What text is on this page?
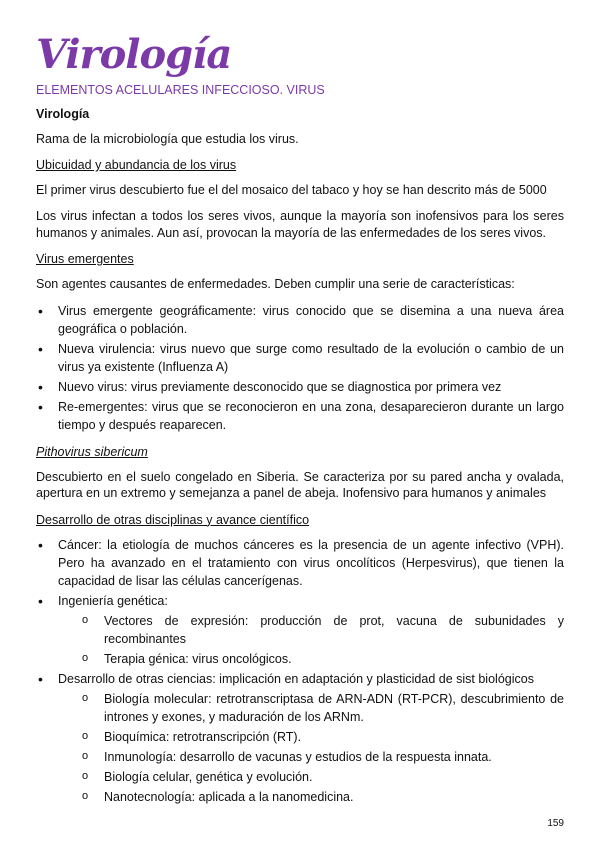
Virología
ELEMENTOS ACELULARES INFECCIOSO. VIRUS

Virología

Rama de la microbiología que estudia los virus.

Ubicuidad y abundancia de los virus

El primer virus descubierto fue el del mosaico del tabaco y hoy se han descrito más de 5000

Los virus infectan a todos los seres vivos, aunque la mayoría son inofensivos para los seres humanos y animales. Aun así, provocan la mayoría de las enfermedades de los seres vivos.

Virus emergentes

Son agentes causantes de enfermedades. Deben cumplir una serie de características:

• Virus emergente geográficamente: virus conocido que se disemina a una nueva área geográfica o población.
• Nueva virulencia: virus nuevo que surge como resultado de la evolución o cambio de un virus ya existente (Influenza A)
• Nuevo virus: virus previamente desconocido que se diagnostica por primera vez
• Re-emergentes: virus que se reconocieron en una zona, desaparecieron durante un largo tiempo y después reaparecen.

Pithovirus sibericum

Descubierto en el suelo congelado en Siberia. Se caracteriza por su pared ancha y ovalada, apertura en un extremo y semejanza a panel de abeja. Inofensivo para humanos y animales

Desarrollo de otras disciplinas y avance científico

• Cáncer: la etiología de muchos cánceres es la presencia de un agente infectivo (VPH). Pero ha avanzado en el tratamiento con virus oncolíticos (Herpesvirus), que tienen la capacidad de lisar las células cancerígenas.
• Ingeniería genética:
o Vectores de expresión: producción de prot, vacuna de subunidades y recombinantes
o Terapia génica: virus oncológicos.
• Desarrollo de otras ciencias: implicación en adaptación y plasticidad de sist biológicos
o Biología molecular: retrotranscriptasa de ARN-ADN (RT-PCR), descubrimiento de intrones y exones, y maduración de los ARNm.
o Bioquímica: retrotranscripción (RT).
o Inmunología: desarrollo de vacunas y estudios de la respuesta innata.
o Biología celular, genética y evolución.
o Nanotecnología: aplicada a la nanomedicina.
159
